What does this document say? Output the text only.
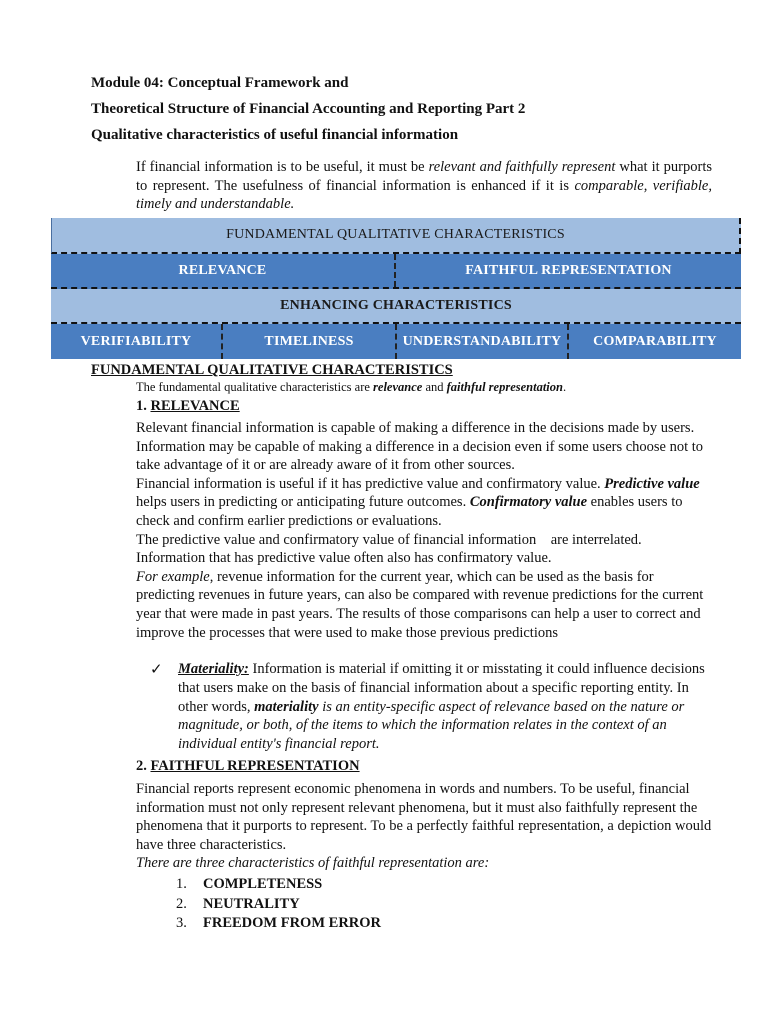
Module 04: Conceptual Framework and
Theoretical Structure of Financial Accounting and Reporting Part 2
Qualitative characteristics of useful financial information
If financial information is to be useful, it must be relevant and faithfully represent what it purports to represent. The usefulness of financial information is enhanced if it is comparable, verifiable, timely and understandable.
FUNDAMENTAL QUALITATIVE CHARACTERISTICS
RELEVANCE	FAITHFUL REPRESENTATION
ENHANCING CHARACTERISTICS
VERIFIABILITY	TIMELINESS	UNDERSTANDABILITY	COMPARABILITY
FUNDAMENTAL QUALITATIVE CHARACTERISTICS
The fundamental qualitative characteristics are relevance and faithful representation.
1. RELEVANCE

Relevant financial information is capable of making a difference in the decisions made by users. Information may be capable of making a difference in a decision even if some users choose not to take advantage of it or are already aware of it from other sources.

Financial information is useful if it has predictive value and confirmatory value. Predictive value helps users in predicting or anticipating future outcomes. Confirmatory value enables users to check and confirm earlier predictions or evaluations.

The predictive value and confirmatory value of financial information    are interrelated. Information that has predictive value often also has confirmatory value.

For example, revenue information for the current year, which can be used as the basis for predicting revenues in future years, can also be compared with revenue predictions for the current year that were made in past years. The results of those comparisons can help a user to correct and improve the processes that were used to make those previous predictions

✓ Materiality: Information is material if omitting it or misstating it could influence decisions that users make on the basis of financial information about a specific reporting entity. In other words, materiality is an entity-specific aspect of relevance based on the nature or magnitude, or both, of the items to which the information relates in the context of an individual entity's financial report.
2. FAITHFUL REPRESENTATION

Financial reports represent economic phenomena in words and numbers. To be useful, financial information must not only represent relevant phenomena, but it must also faithfully represent the phenomena that it purports to represent. To be a perfectly faithful representation, a depiction would have three characteristics.

There are three characteristics of faithful representation are:

1.	COMPLETENESS
2.	NEUTRALITY
3.	FREEDOM FROM ERROR
